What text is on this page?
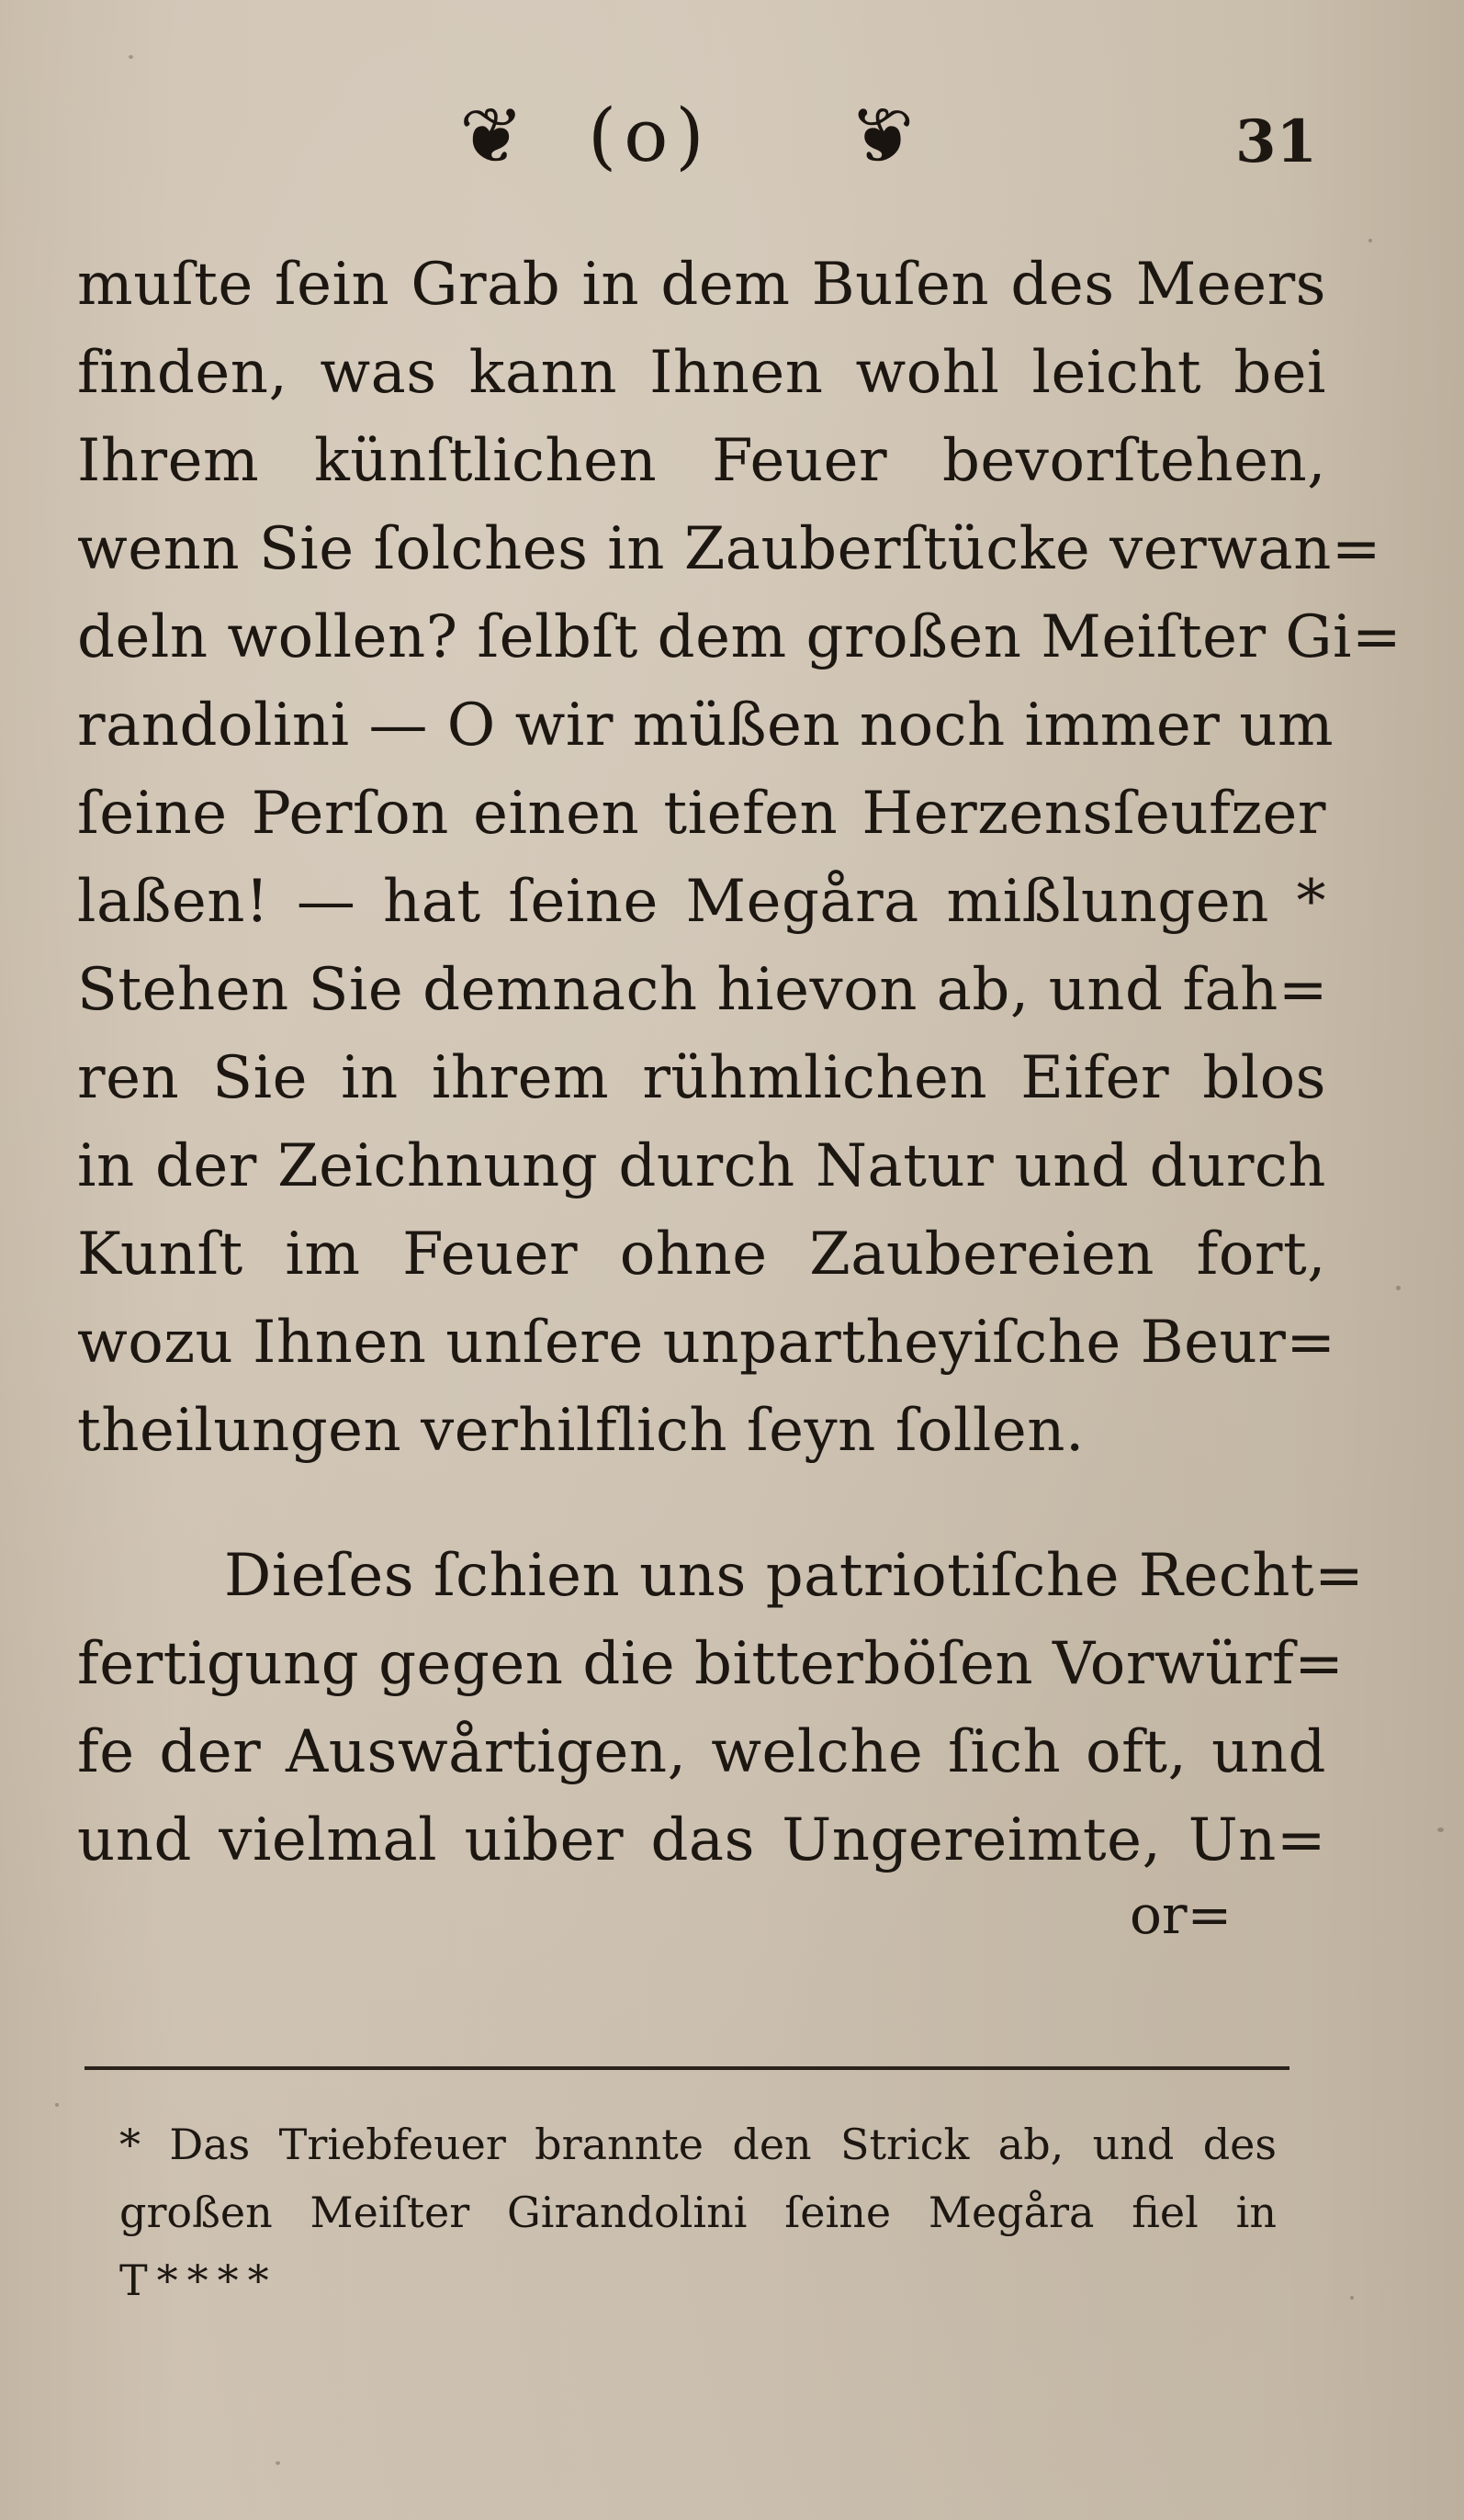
❦ (o) ❦	31
muſte ſein Grab in dem Buſen des Meers
finden, was kann Ihnen wohl leicht bei
Ihrem künſtlichen Feuer bevorſtehen,
wenn Sie ſolches in Zauberſtücke verwan=
deln wollen? ſelbſt dem großen Meiſter Gi=
randolini — O wir müßen noch immer um
ſeine Perſon einen tiefen Herzensſeufzer
laßen! — hat ſeine Megåra mißlungen *
Stehen Sie demnach hievon ab, und fah=
ren Sie in ihrem rühmlichen Eifer blos
in der Zeichnung durch Natur und durch
Kunſt im Feuer ohne Zaubereien fort,
wozu Ihnen unſere unpartheyiſche Beur=
theilungen verhilflich ſeyn ſollen.
Dieſes ſchien uns patriotiſche Recht=
fertigung gegen die bitterböſen Vorwürf=
fe der Auswårtigen, welche ſich oft, und
und vielmal uiber das Ungereimte, Un=
or=
* Das Triebfeuer brannte den Strick ab, und des
großen Meiſter Girandolini ſeine Megåra fiel in
T****
